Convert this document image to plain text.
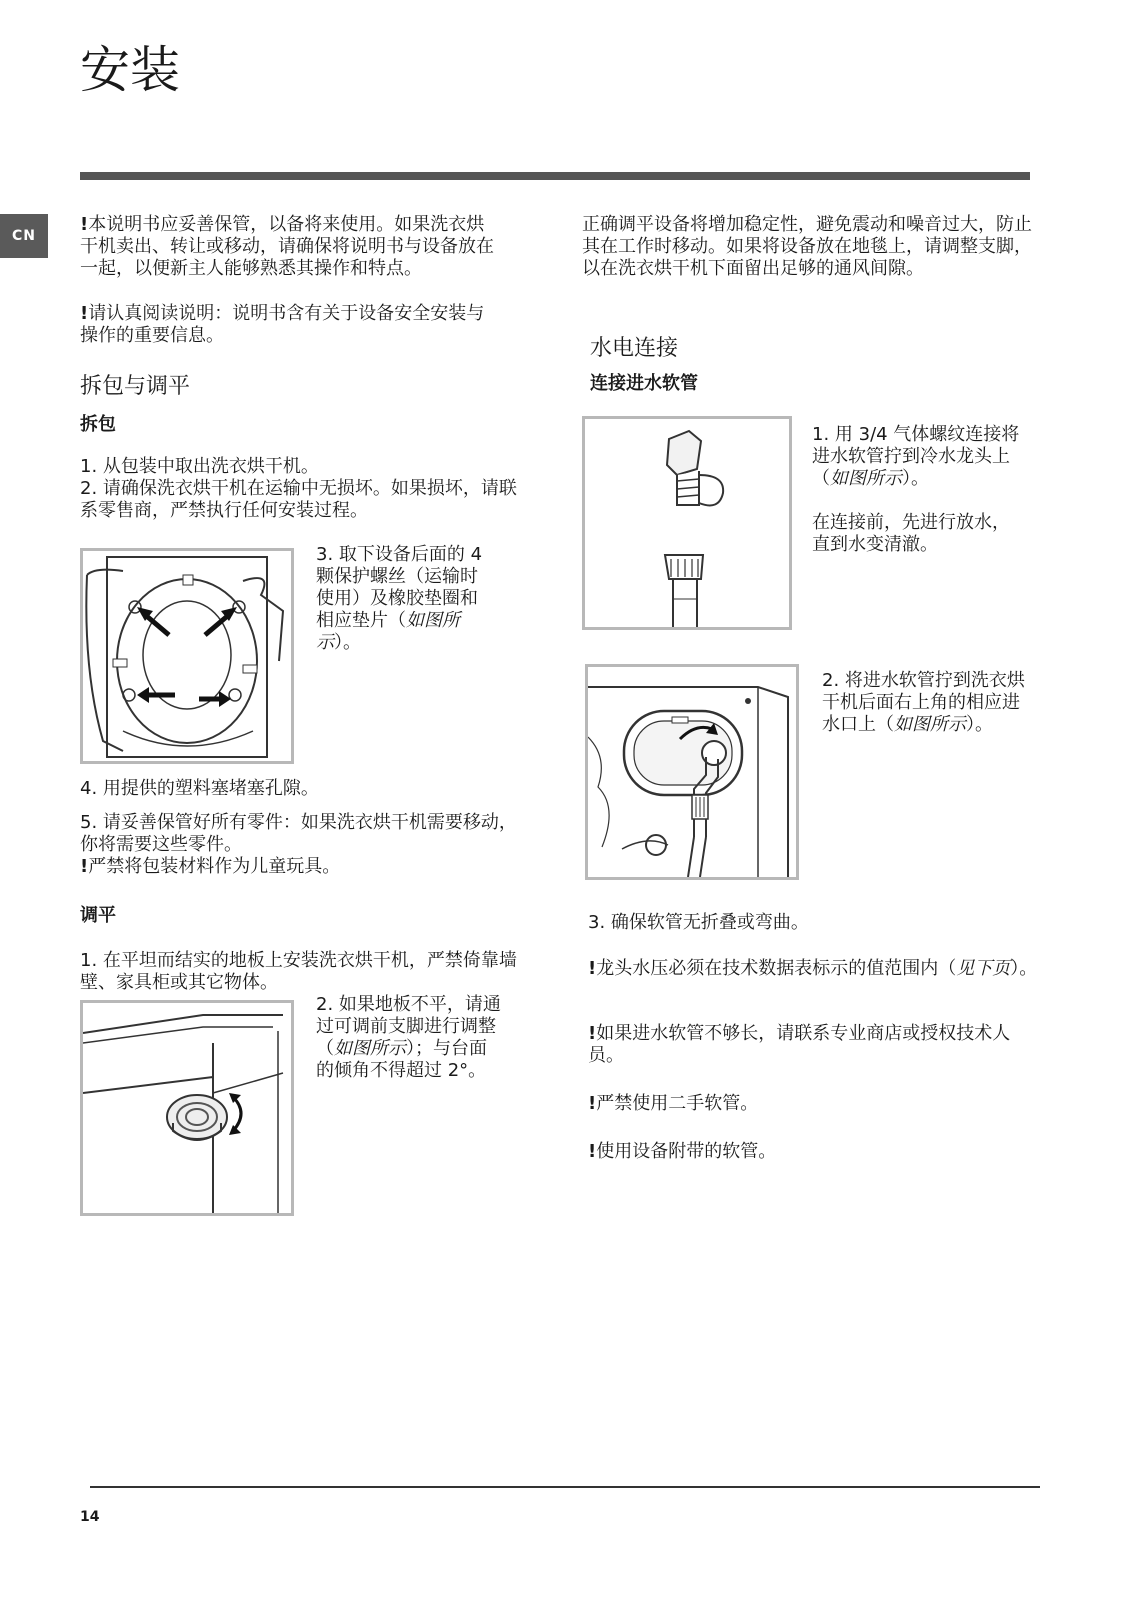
安装
CN

!本说明书应妥善保管，以备将来使用。如果洗衣烘干机卖出、转让或移动，请确保将说明书与设备放在一起，以便新主人能够熟悉其操作和特点。

!请认真阅读说明：说明书含有关于设备安全安装与操作的重要信息。

拆包与调平
拆包

1. 从包装中取出洗衣烘干机。

2. 请确保洗衣烘干机在运输中无损坏。如果损坏，请联系零售商，严禁执行任何安装过程。

3. 取下设备后面的 4 颗保护螺丝（运输时使用）及橡胶垫圈和相应垫片（如图所示）。

4. 用提供的塑料塞堵塞孔隙。

5. 请妥善保管好所有零件：如果洗衣烘干机需要移动，你将需要这些零件。

!严禁将包装材料作为儿童玩具。

调平

1. 在平坦而结实的地板上安装洗衣烘干机，严禁倚靠墙壁、家具柜或其它物体。

2. 如果地板不平，请通过可调前支脚进行调整（如图所示）；与台面的倾角不得超过 2°。

正确调平设备将增加稳定性，避免震动和噪音过大，防止其在工作时移动。如果将设备放在地毯上，请调整支脚，以在洗衣烘干机下面留出足够的通风间隙。

水电连接
连接进水软管

1. 用 3/4 气体螺纹连接将进水软管拧到冷水龙头上（如图所示）。

在连接前，先进行放水，直到水变清澈。

2. 将进水软管拧到洗衣烘干机后面右上角的相应进水口上（如图所示）。

3. 确保软管无折叠或弯曲。

!龙头水压必须在技术数据表标示的值范围内（见下页）。

!如果进水软管不够长，请联系专业商店或授权技术人员。

!严禁使用二手软管。

!使用设备附带的软管。

14
